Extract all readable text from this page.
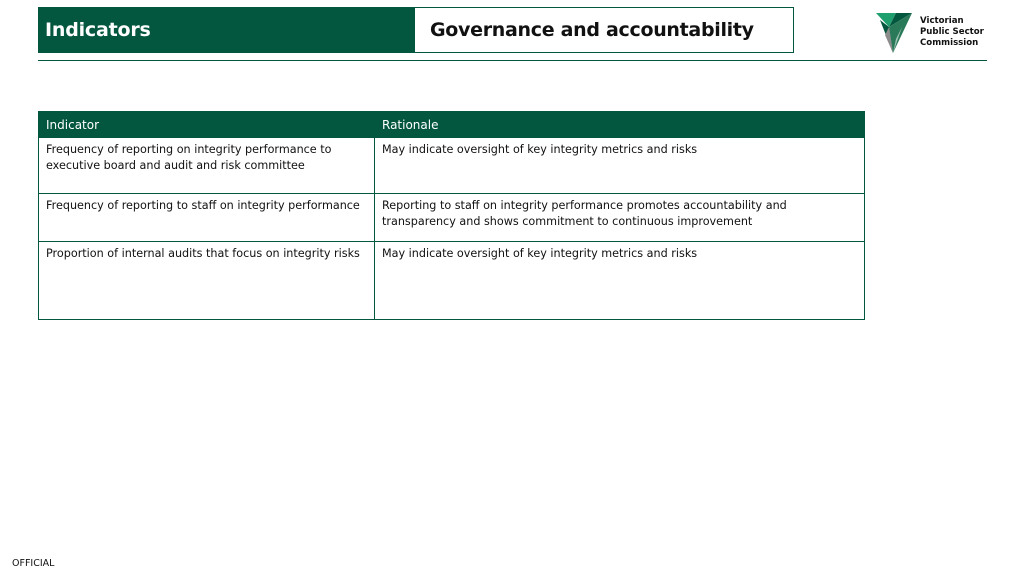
Indicators	Governance and accountability	Victorian
Public Sector
Commission
Indicator	Rationale
Frequency of reporting on integrity performance to executive board and audit and risk committee	May indicate oversight of key integrity metrics and risks
Frequency of reporting to staff on integrity performance	Reporting to staff on integrity performance promotes accountability and transparency and shows commitment to continuous improvement
Proportion of internal audits that focus on integrity risks	May indicate oversight of key integrity metrics and risks
OFFICIAL
